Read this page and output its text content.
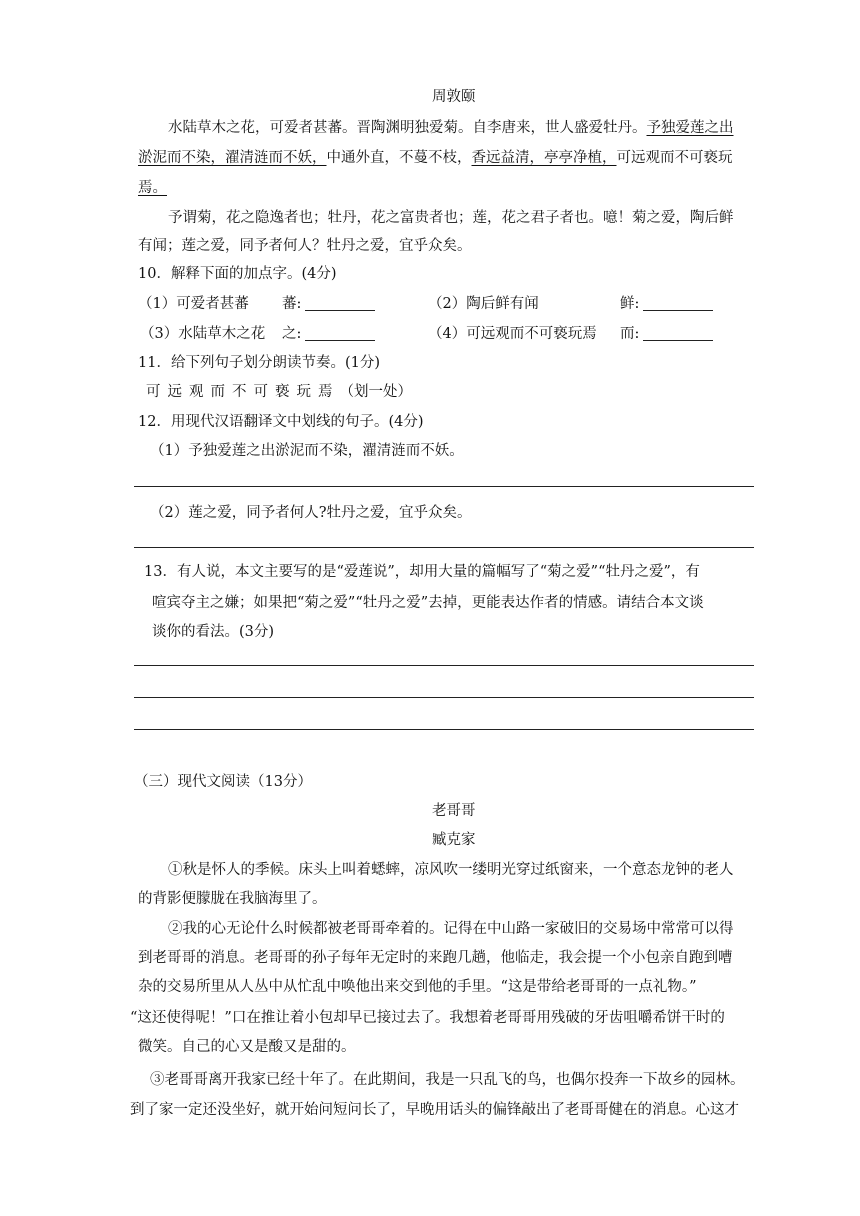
周敦颐
水陆草木之花，可爱者甚蕃。晋陶渊明独爱菊。自李唐来，世人盛爱牡丹。予独爱莲之出
淤泥而不染，濯清涟而不妖，中通外直，不蔓不枝，香远益清，亭亭净植，可远观而不可亵玩
焉。
予谓菊，花之隐逸者也；牡丹，花之富贵者也；莲，花之君子者也。噫！菊之爱，陶后鲜
有闻；莲之爱，同予者何人？牡丹之爱，宜乎众矣。
10．解释下面的加点字。(4分)
（1）可爱者甚蕃 蕃:	（2）陶后鲜有闻	鲜:
（3）水陆草木之花 之:	（4）可远观而不可亵玩焉 而:
11．给下列句子划分朗读节奏。(1分)
可远观而不可亵玩焉（划一处）
12．用现代汉语翻译文中划线的句子。(4分)
（1）予独爱莲之出淤泥而不染，濯清涟而不妖。
（2）莲之爱，同予者何人?牡丹之爱，宜乎众矣。
13．有人说，本文主要写的是“爱莲说”，却用大量的篇幅写了“菊之爱”“牡丹之爱”，有
喧宾夺主之嫌；如果把“菊之爱”“牡丹之爱”去掉，更能表达作者的情感。请结合本文谈
谈你的看法。(3分)
（三）现代文阅读（13分）
老哥哥
臧克家
①秋是怀人的季候。床头上叫着蟋蟀，凉风吹一缕明光穿过纸窗来，一个意态龙钟的老人
的背影便朦胧在我脑海里了。
②我的心无论什么时候都被老哥哥牵着的。记得在中山路一家破旧的交易场中常常可以得
到老哥哥的消息。老哥哥的孙子每年无定时的来跑几趟，他临走，我会提一个小包亲自跑到嘈
杂的交易所里从人丛中从忙乱中唤他出来交到他的手里。“这是带给老哥哥的一点礼物。”
“这还使得呢！”口在推让着小包却早已接过去了。我想着老哥哥用残破的牙齿咀嚼希饼干时的
微笑。自己的心又是酸又是甜的。
③老哥哥离开我家已经十年了。在此期间，我是一只乱飞的鸟，也偶尔投奔一下故乡的园林。
到了家一定还没坐好，就开始问短问长了，早晚用话头的偏锋敲出了老哥哥健在的消息。心这才
